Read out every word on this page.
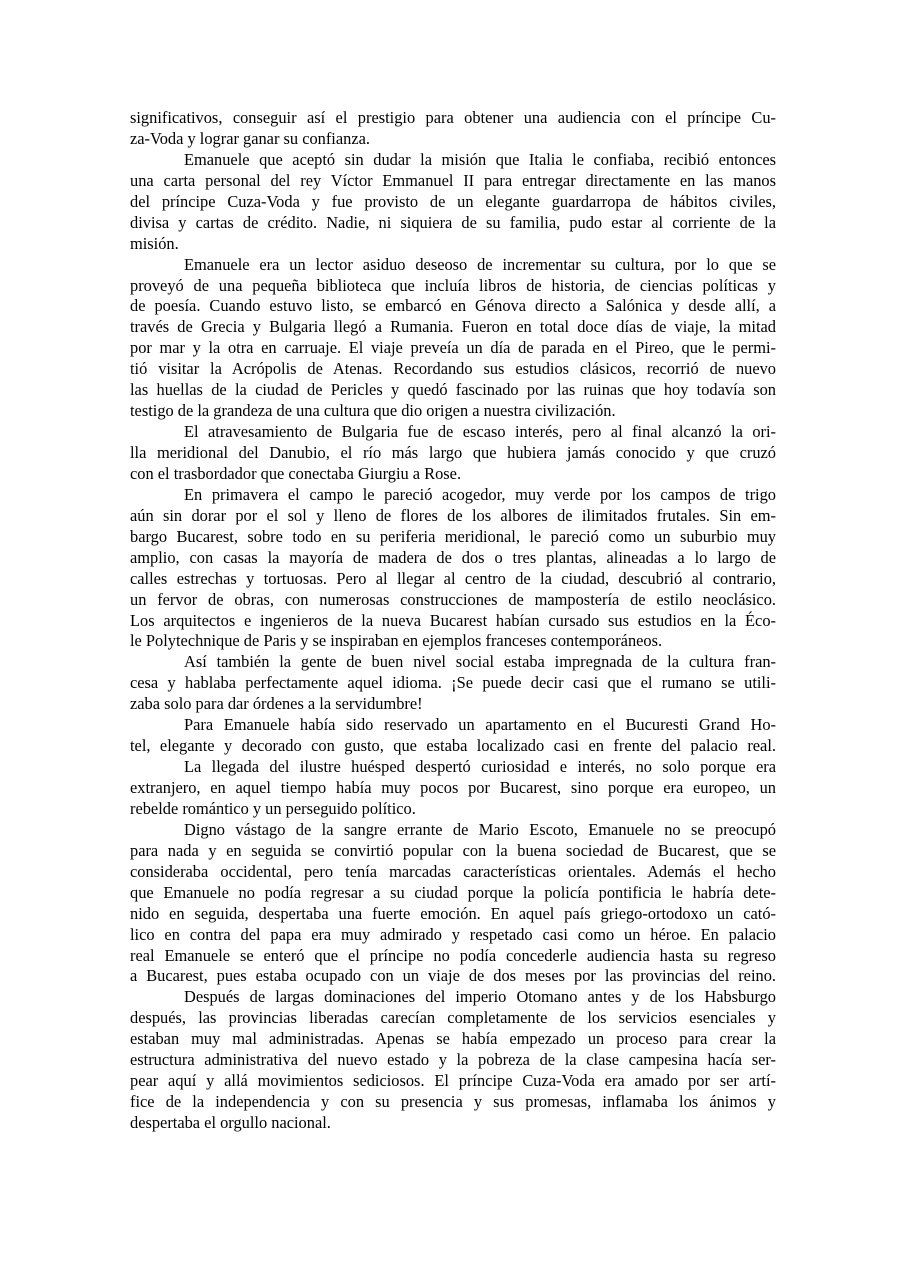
significativos, conseguir así el prestigio para obtener una audiencia con el príncipe Cu-
za-Voda y lograr ganar su confianza.
Emanuele que aceptó sin dudar la misión que Italia le confiaba, recibió entonces
una carta personal del rey Víctor Emmanuel II para entregar directamente en las manos
del príncipe Cuza-Voda y fue provisto de un elegante guardarropa de hábitos civiles,
divisa y cartas de crédito. Nadie, ni siquiera de su familia, pudo estar al corriente de la
misión.
Emanuele era un lector asiduo deseoso de incrementar su cultura, por lo que se
proveyó de una pequeña biblioteca que incluía libros de historia, de ciencias políticas y
de poesía. Cuando estuvo listo, se embarcó en Génova directo a Salónica y desde allí, a
través de Grecia y Bulgaria llegó a Rumania. Fueron en total doce días de viaje, la mitad
por mar y la otra en carruaje. El viaje preveía un día de parada en el Pireo, que le permi-
tió visitar la Acrópolis de Atenas. Recordando sus estudios clásicos, recorrió de nuevo
las huellas de la ciudad de Pericles y quedó fascinado por las ruinas que hoy todavía son
testigo de la grandeza de una cultura que dio origen a nuestra civilización.
El atravesamiento de Bulgaria fue de escaso interés, pero al final alcanzó la ori-
lla meridional del Danubio, el río más largo que hubiera jamás conocido y que cruzó
con el trasbordador que conectaba Giurgiu a Rose.
En primavera el campo le pareció acogedor, muy verde por los campos de trigo
aún sin dorar por el sol y lleno de flores de los albores de ilimitados frutales. Sin em-
bargo Bucarest, sobre todo en su periferia meridional, le pareció como un suburbio muy
amplio, con casas la mayoría de madera de dos o tres plantas, alineadas a lo largo de
calles estrechas y tortuosas. Pero al llegar al centro de la ciudad, descubrió al contrario,
un fervor de obras, con numerosas construcciones de mampostería de estilo neoclásico.
Los arquitectos e ingenieros de la nueva Bucarest habían cursado sus estudios en la Éco-
le Polytechnique de Paris y se inspiraban en ejemplos franceses contemporáneos.
Así también la gente de buen nivel social estaba impregnada de la cultura fran-
cesa y hablaba perfectamente aquel idioma. ¡Se puede decir casi que el rumano se utili-
zaba solo para dar órdenes a la servidumbre!
Para Emanuele había sido reservado un apartamento en el Bucuresti Grand Ho-
tel, elegante y decorado con gusto, que estaba localizado casi en frente del palacio real.
La llegada del ilustre huésped despertó curiosidad e interés, no solo porque era
extranjero, en aquel tiempo había muy pocos por Bucarest, sino porque era europeo, un
rebelde romántico y un perseguido político.
Digno vástago de la sangre errante de Mario Escoto, Emanuele no se preocupó
para nada y en seguida se convirtió popular con la buena sociedad de Bucarest, que se
consideraba occidental, pero tenía marcadas características orientales. Además el hecho
que Emanuele no podía regresar a su ciudad porque la policía pontificia le habría dete-
nido en seguida, despertaba una fuerte emoción. En aquel país griego-ortodoxo un cató-
lico en contra del papa era muy admirado y respetado casi como un héroe. En palacio
real Emanuele se enteró que el príncipe no podía concederle audiencia hasta su regreso
a Bucarest, pues estaba ocupado con un viaje de dos meses por las provincias del reino.
Después de largas dominaciones del imperio Otomano antes y de los Habsburgo
después, las provincias liberadas carecían completamente de los servicios esenciales y
estaban muy mal administradas. Apenas se había empezado un proceso para crear la
estructura administrativa del nuevo estado y la pobreza de la clase campesina hacía ser-
pear aquí y allá movimientos sediciosos. El príncipe Cuza-Voda era amado por ser artí-
fice de la independencia y con su presencia y sus promesas, inflamaba los ánimos y
despertaba el orgullo nacional.
